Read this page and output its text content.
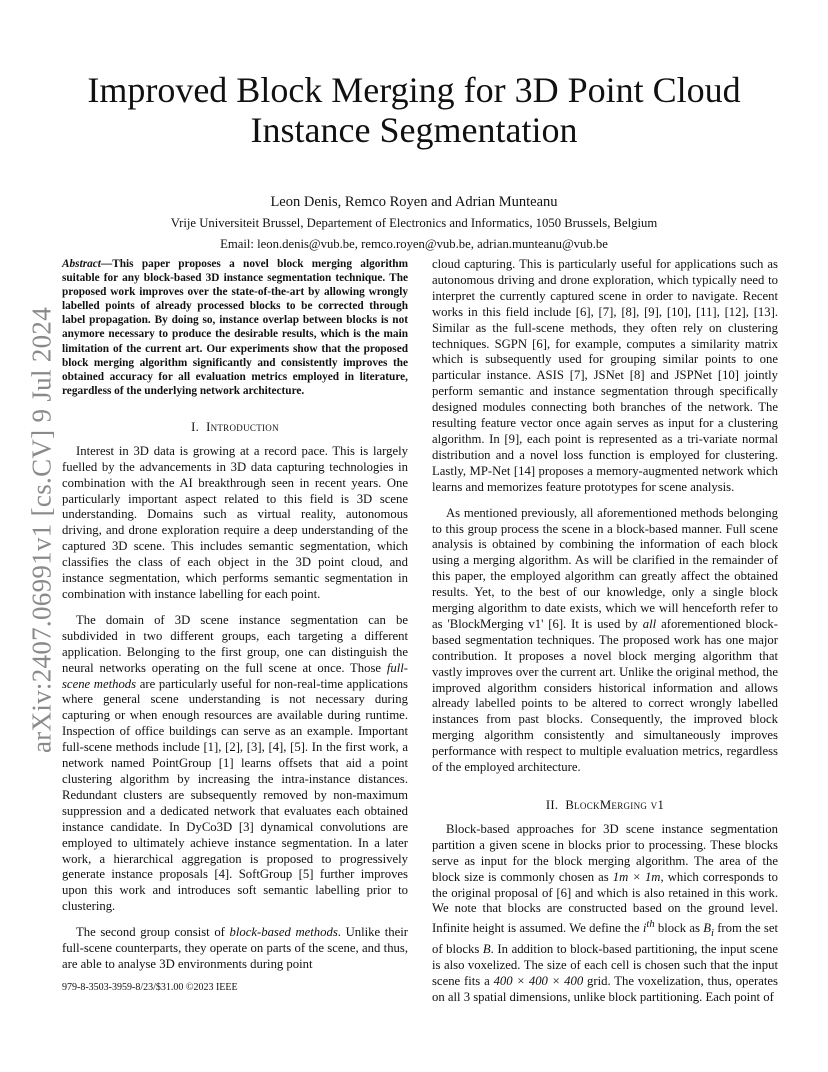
arXiv:2407.06991v1 [cs.CV] 9 Jul 2024
Improved Block Merging for 3D Point Cloud
Instance Segmentation
Leon Denis, Remco Royen and Adrian Munteanu
Vrije Universiteit Brussel, Departement of Electronics and Informatics, 1050 Brussels, Belgium
Email: leon.denis@vub.be, remco.royen@vub.be, adrian.munteanu@vub.be
Abstract—This paper proposes a novel block merging algorithm suitable for any block-based 3D instance segmentation technique. The proposed work improves over the state-of-the-art by allowing wrongly labelled points of already processed blocks to be corrected through label propagation. By doing so, instance overlap between blocks is not anymore necessary to produce the desirable results, which is the main limitation of the current art. Our experiments show that the proposed block merging algorithm significantly and consistently improves the obtained accuracy for all evaluation metrics employed in literature, regardless of the underlying network architecture.
I. Introduction

Interest in 3D data is growing at a record pace. This is largely fuelled by the advancements in 3D data capturing technologies in combination with the AI breakthrough seen in recent years. One particularly important aspect related to this field is 3D scene understanding. Domains such as virtual reality, autonomous driving, and drone exploration require a deep understanding of the captured 3D scene. This includes semantic segmentation, which classifies the class of each object in the 3D point cloud, and instance segmentation, which performs semantic segmentation in combination with instance labelling for each point.

The domain of 3D scene instance segmentation can be subdivided in two different groups, each targeting a different application. Belonging to the first group, one can distinguish the neural networks operating on the full scene at once. Those full-scene methods are particularly useful for non-real-time applications where general scene understanding is not necessary during capturing or when enough resources are available during runtime. Inspection of office buildings can serve as an example. Important full-scene methods include [1], [2], [3], [4], [5]. In the first work, a network named PointGroup [1] learns offsets that aid a point clustering algorithm by increasing the intra-instance distances. Redundant clusters are subsequently removed by non-maximum suppression and a dedicated network that evaluates each obtained instance candidate. In DyCo3D [3] dynamical convolutions are employed to ultimately achieve instance segmentation. In a later work, a hierarchical aggregation is proposed to progressively generate instance proposals [4]. SoftGroup [5] further improves upon this work and introduces soft semantic labelling prior to clustering.

The second group consist of block-based methods. Unlike their full-scene counterparts, they operate on parts of the scene, and thus, are able to analyse 3D environments during point

cloud capturing. This is particularly useful for applications such as autonomous driving and drone exploration, which typically need to interpret the currently captured scene in order to navigate. Recent works in this field include [6], [7], [8], [9], [10], [11], [12], [13]. Similar as the full-scene methods, they often rely on clustering techniques. SGPN [6], for example, computes a similarity matrix which is subsequently used for grouping similar points to one particular instance. ASIS [7], JSNet [8] and JSPNet [10] jointly perform semantic and instance segmentation through specifically designed modules connecting both branches of the network. The resulting feature vector once again serves as input for a clustering algorithm. In [9], each point is represented as a tri-variate normal distribution and a novel loss function is employed for clustering. Lastly, MP-Net [14] proposes a memory-augmented network which learns and memorizes feature prototypes for scene analysis.

As mentioned previously, all aforementioned methods belonging to this group process the scene in a block-based manner. Full scene analysis is obtained by combining the information of each block using a merging algorithm. As will be clarified in the remainder of this paper, the employed algorithm can greatly affect the obtained results. Yet, to the best of our knowledge, only a single block merging algorithm to date exists, which we will henceforth refer to as 'BlockMerging v1' [6]. It is used by all aforementioned block-based segmentation techniques. The proposed work has one major contribution. It proposes a novel block merging algorithm that vastly improves over the current art. Unlike the original method, the improved algorithm considers historical information and allows already labelled points to be altered to correct wrongly labelled instances from past blocks. Consequently, the improved block merging algorithm consistently and simultaneously improves performance with respect to multiple evaluation metrics, regardless of the employed architecture.

II. BlockMerging v1

Block-based approaches for 3D scene instance segmentation partition a given scene in blocks prior to processing. These blocks serve as input for the block merging algorithm. The area of the block size is commonly chosen as 1m × 1m, which corresponds to the original proposal of [6] and which is also retained in this work. We note that blocks are constructed based on the ground level. Infinite height is assumed. We define the $i^{th}$ block as $B_i$ from the set of blocks B. In addition to block-based partitioning, the input scene is also voxelized. The size of each cell is chosen such that the input scene fits a 400 × 400 × 400 grid. The voxelization, thus, operates on all 3 spatial dimensions, unlike block partitioning. Each point of

979-8-3503-3959-8/23/$31.00 ©2023 IEEE
